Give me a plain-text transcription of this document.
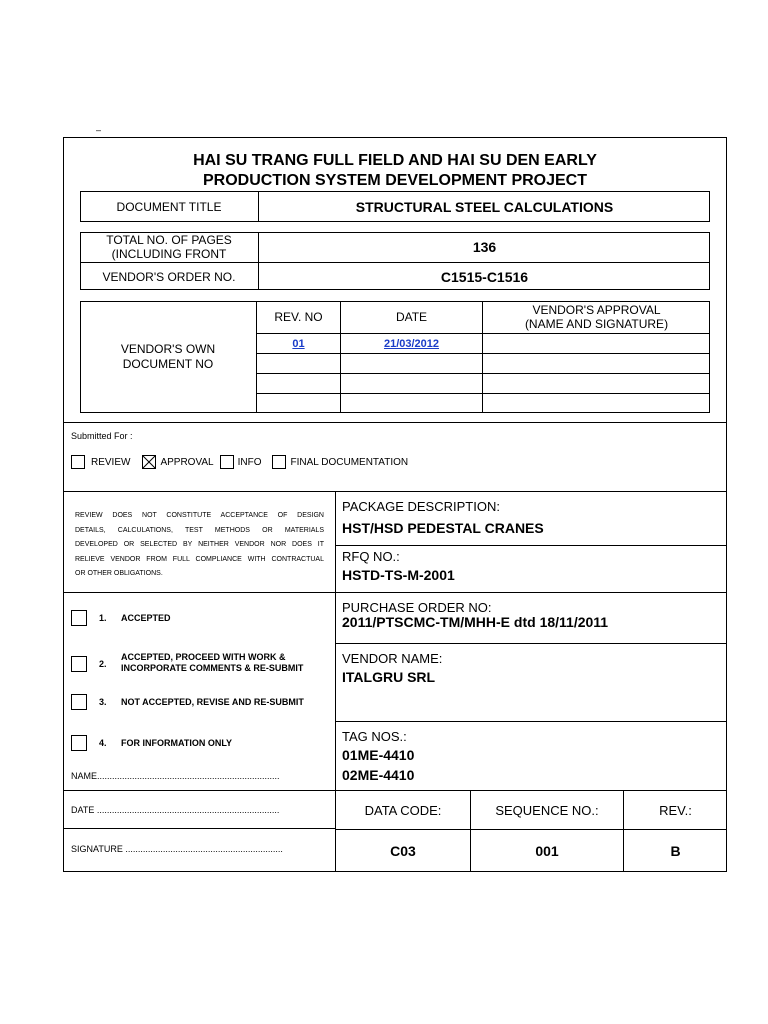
–
HAI SU TRANG FULL FIELD AND HAI SU DEN EARLY
PRODUCTION SYSTEM DEVELOPMENT PROJECT
DOCUMENT TITLE	STRUCTURAL STEEL CALCULATIONS
TOTAL NO. OF PAGES
(INCLUDING FRONT	136
VENDOR'S ORDER NO.	C1515-C1516
VENDOR'S OWN
DOCUMENT NO
REV. NO	DATE	VENDOR'S APPROVAL
(NAME AND SIGNATURE)
01	21/03/2012
Submitted For :
REVIEW	APPROVAL INFO	FINAL DOCUMENTATION
REVIEW DOES NOT CONSTITUTE ACCEPTANCE OF DESIGN
DETAILS, CALCULATIONS, TEST METHODS OR MATERIALS
DEVELOPED OR SELECTED BY NEITHER VENDOR NOR DOES IT
RELIEVE VENDOR FROM FULL COMPLIANCE WITH CONTRACTUAL
OR OTHER OBLIGATIONS.
1. ACCEPTED
2.
ACCEPTED, PROCEED WITH WORK &
INCORPORATE COMMENTS & RE-SUBMIT
3. NOT ACCEPTED, REVISE AND RE-SUBMIT
4. FOR INFORMATION ONLY
NAME.........................................................................
DATE .........................................................................
SIGNATURE ...............................................................
PACKAGE DESCRIPTION:
HST/HSD PEDESTAL CRANES
RFQ NO.:
HSTD-TS-M-2001
PURCHASE ORDER NO:
2011/PTSCMC-TM/MHH-E dtd 18/11/2011
VENDOR NAME:
ITALGRU SRL
TAG NOS.:
01ME-4410
02ME-4410
DATA CODE:	SEQUENCE NO.:	REV.:
C03	001	B
